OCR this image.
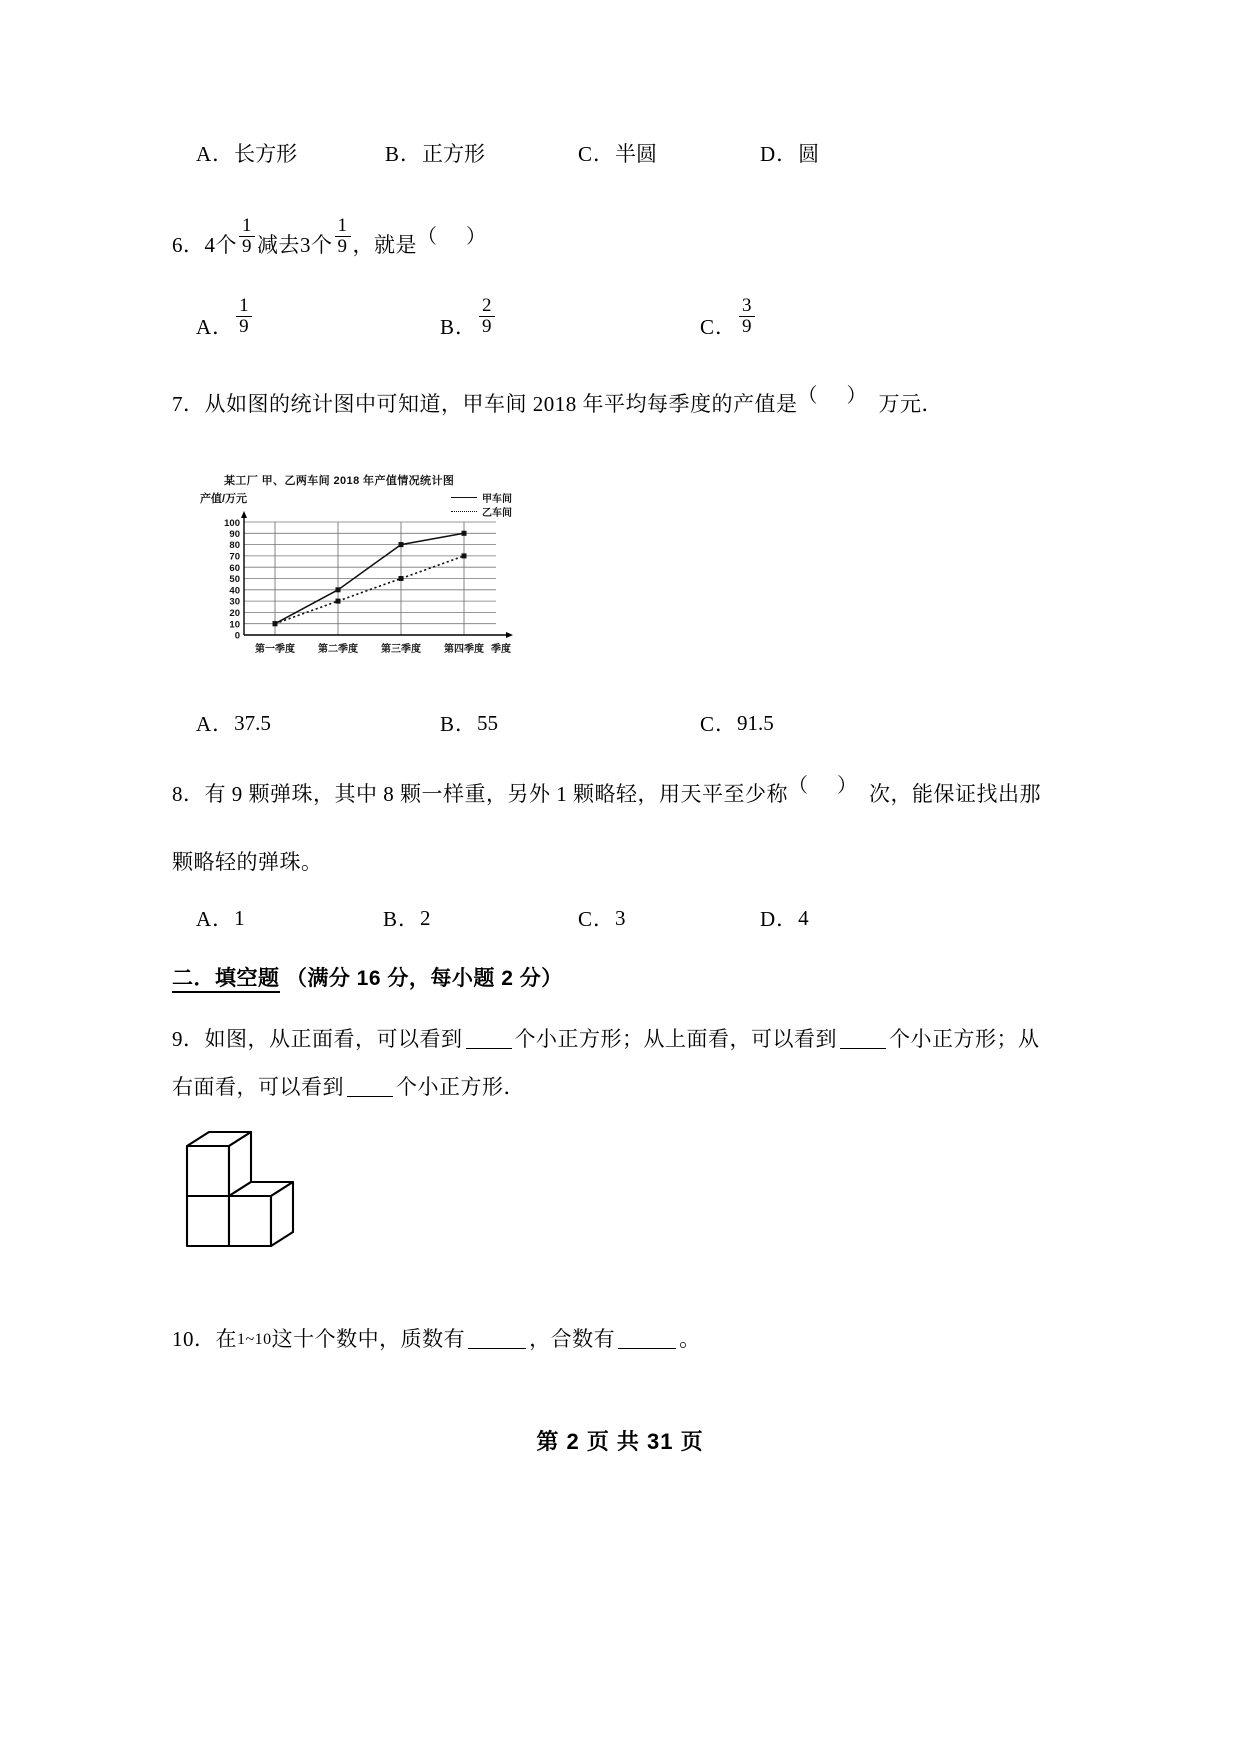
A． 长方形	B． 正方形	C． 半圆	D． 圆
6． 4个 $\frac{1}{9}$ 减去3个 $\frac{1}{9}$ ，就是 （ ）
A． $\frac{1}{9}$	B． $\frac{2}{9}$	C． $\frac{3}{9}$
7． 从如图的统计图中可知道，甲车间 2018 年平均每季度的产值是 （ ） 万元．
某工厂 甲、乙两车间 2018 年产值情况统计图
产值/万元	甲车间
乙车间
100
90
80
70
60
50
40
30
20
10
0
第一季度 第二季度 第三季度 第四季度 季度
A． 37.5	B． 55	C． 91.5
8． 有 9 颗弹珠，其中 8 颗一样重，另外 1 颗略轻，用天平至少称 （ ） 次，能保证找出那
颗略轻的弹珠。
A． 1	B． 2	C． 3	D． 4
二．填空题 （满分 16 分，每小题 2 分）
9． 如图，从正面看，可以看到 个小正方形；从上面看，可以看到 个小正方形；从
右面看，可以看到 个小正方形．
10． 在 1 ~ 10 这十个数中，质数有	，合数有	。
第 2 页 共 31 页
